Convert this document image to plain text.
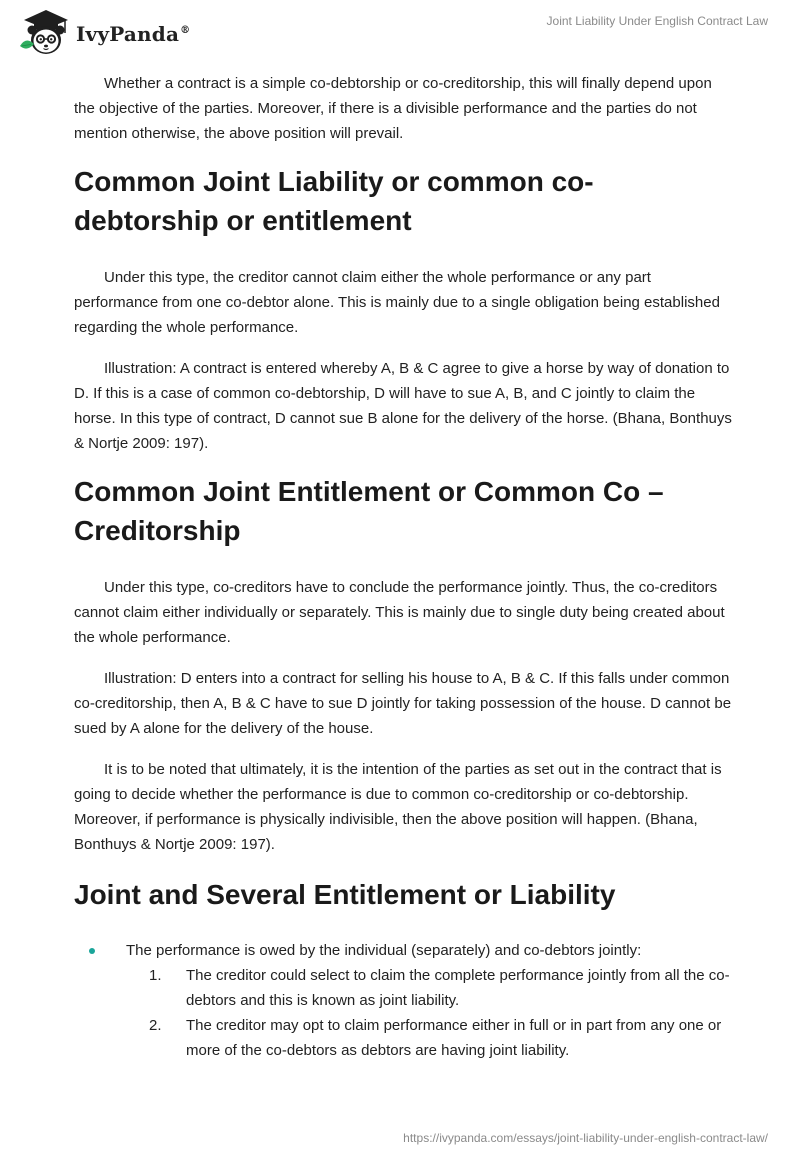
IvyPanda®
Joint Liability Under English Contract Law

Whether a contract is a simple co-debtorship or co-creditorship, this will finally depend upon the objective of the parties. Moreover, if there is a divisible performance and the parties do not mention otherwise, the above position will prevail.

Common Joint Liability or common co-debtorship or entitlement

Under this type, the creditor cannot claim either the whole performance or any part performance from one co-debtor alone. This is mainly due to a single obligation being established regarding the whole performance.

Illustration: A contract is entered whereby A, B & C agree to give a horse by way of donation to D. If this is a case of common co-debtorship, D will have to sue A, B, and C jointly to claim the horse. In this type of contract, D cannot sue B alone for the delivery of the horse. (Bhana, Bonthuys & Nortje 2009: 197).

Common Joint Entitlement or Common Co – Creditorship

Under this type, co-creditors have to conclude the performance jointly. Thus, the co-creditors cannot claim either individually or separately. This is mainly due to single duty being created about the whole performance.

Illustration: D enters into a contract for selling his house to A, B & C. If this falls under common co-creditorship, then A, B & C have to sue D jointly for taking possession of the house. D cannot be sued by A alone for the delivery of the house.

It is to be noted that ultimately, it is the intention of the parties as set out in the contract that is going to decide whether the performance is due to common co-creditorship or co-debtorship. Moreover, if performance is physically indivisible, then the above position will happen. (Bhana, Bonthuys & Nortje 2009: 197).

Joint and Several Entitlement or Liability
The performance is owed by the individual (separately) and co-debtors jointly:
1. The creditor could select to claim the complete performance jointly from all the co-debtors and this is known as joint liability.
2. The creditor may opt to claim performance either in full or in part from any one or more of the co-debtors as debtors are having joint liability.
https://ivypanda.com/essays/joint-liability-under-english-contract-law/
